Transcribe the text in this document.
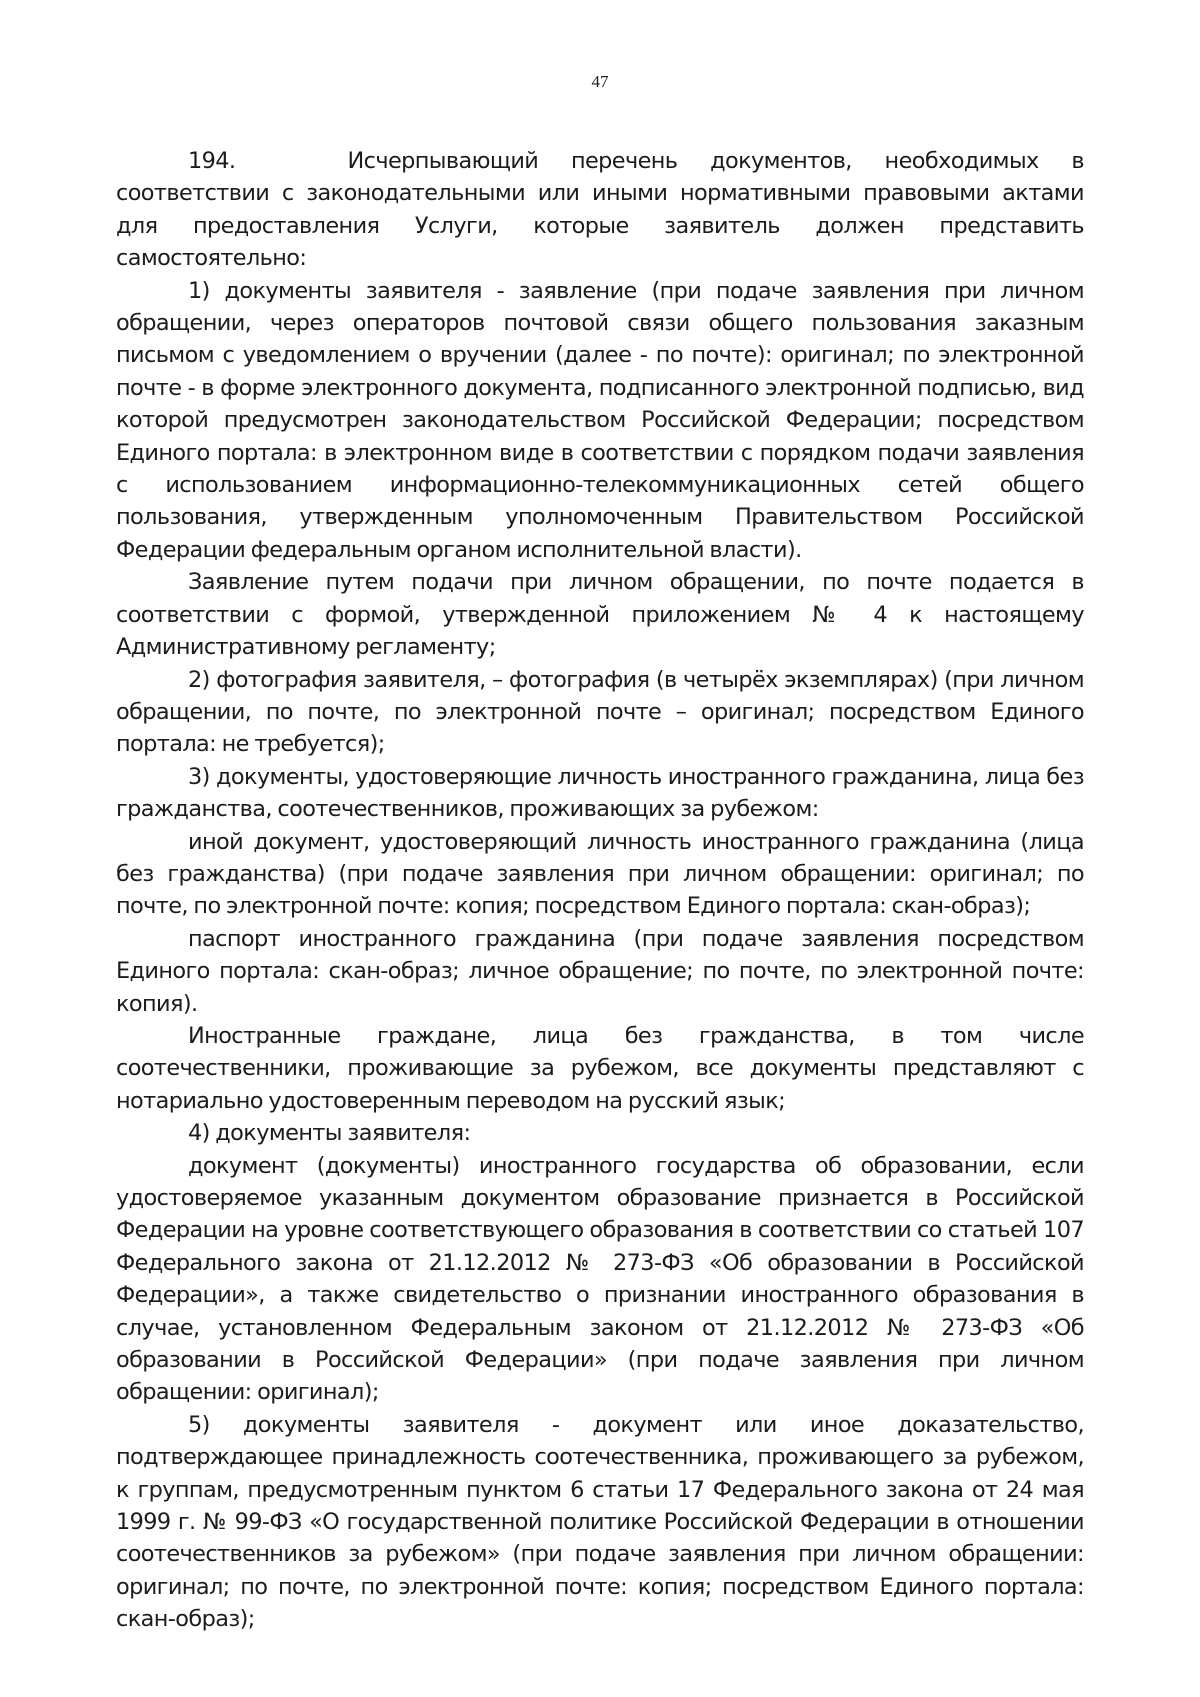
47

194.	Исчерпывающий перечень документов, необходимых в соответствии с законодательными или иными нормативными правовыми актами для предоставления Услуги, которые заявитель должен представить самостоятельно:

1) документы заявителя - заявление (при подаче заявления при личном обращении, через операторов почтовой связи общего пользования заказным письмом с уведомлением о вручении (далее - по почте): оригинал; по электронной почте - в форме электронного документа, подписанного электронной подписью, вид которой предусмотрен законодательством Российской Федерации; посредством Единого портала: в электронном виде в соответствии с порядком подачи заявления с использованием информационно-телекоммуникационных сетей общего пользования, утвержденным уполномоченным Правительством Российской Федерации федеральным органом исполнительной власти).

Заявление путем подачи при личном обращении, по почте подается в соответствии с формой, утвержденной приложением № 4 к настоящему Административному регламенту;

2) фотография заявителя, – фотография (в четырёх экземплярах) (при личном обращении, по почте, по электронной почте – оригинал; посредством Единого портала: не требуется);

3) документы, удостоверяющие личность иностранного гражданина, лица без гражданства, соотечественников, проживающих за рубежом:

иной документ, удостоверяющий личность иностранного гражданина (лица без гражданства) (при подаче заявления при личном обращении: оригинал; по почте, по электронной почте: копия; посредством Единого портала: скан-образ);

паспорт иностранного гражданина (при подаче заявления посредством Единого портала: скан-образ; личное обращение; по почте, по электронной почте: копия).

Иностранные граждане, лица без гражданства, в том числе соотечественники, проживающие за рубежом, все документы представляют с нотариально удостоверенным переводом на русский язык;

4) документы заявителя:

документ (документы) иностранного государства об образовании, если удостоверяемое указанным документом образование признается в Российской Федерации на уровне соответствующего образования в соответствии со статьей 107 Федерального закона от 21.12.2012 № 273-ФЗ «Об образовании в Российской Федерации», а также свидетельство о признании иностранного образования в случае, установленном Федеральным законом от 21.12.2012 № 273-ФЗ «Об образовании в Российской Федерации» (при подаче заявления при личном обращении: оригинал);

5) документы заявителя - документ или иное доказательство, подтверждающее принадлежность соотечественника, проживающего за рубежом, к группам, предусмотренным пунктом 6 статьи 17 Федерального закона от 24 мая 1999 г. № 99-ФЗ «О государственной политике Российской Федерации в отношении соотечественников за рубежом» (при подаче заявления при личном обращении: оригинал; по почте, по электронной почте: копия; посредством Единого портала: скан-образ);
